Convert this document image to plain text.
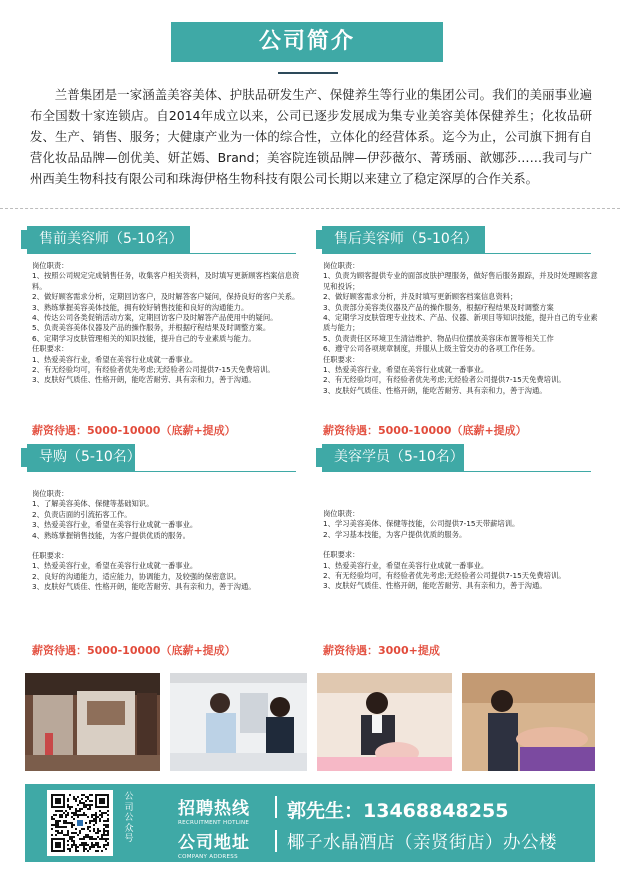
公司简介

兰普集团是一家涵盖美容美体、护肤品研发生产、保健养生等行业的集团公司。我们的美丽事业遍布全国数十家连锁店。自2014年成立以来，公司已逐步发展成为集专业美容美体保健养生；化妆品研发、生产、销售、服务；大健康产业为一体的综合性，立体化的经营体系。迄今为止，公司旗下拥有自营化妆品品牌—创优美、妍芷嫣、Brand；美容院连锁品牌—伊莎薇尔、菁琇丽、歆娜莎……我司与广州西美生物科技有限公司和珠海伊格生物科技有限公司长期以来建立了稳定深厚的合作关系。

售前美容师（5-10名）
岗位职责：
1、按照公司规定完成销售任务，收集客户相关资料，及时填写更新顾客档案信息资料。
2、做好顾客需求分析，定期回访客户，及时解答客户疑问，保持良好的客户关系。
3、熟练掌握美容美体技能，拥有较好销售技能和良好的沟通能力。
4、传达公司各类促销活动方案，定期回访客户及时解答产品使用中的疑问。
5、负责美容美体仪器及产品的操作服务，并根据疗程结果及时调整方案。
6、定期学习皮肤管理相关的知识技能，提升自己的专业素质与能力。
任职要求：
1、热爱美容行业，希望在美容行业成就一番事业。
2、有无经验均可，有经验者优先考虑;无经验者公司提供7-15天免费培训。
3、皮肤好气质佳、性格开朗，能吃苦耐劳、具有亲和力，善于沟通。
薪资待遇：5000-10000（底薪+提成）
售后美容师（5-10名）
岗位职责：
1、负责为顾客提供专业的面部皮肤护理服务，做好售后服务跟踪，并及时处理顾客意见和投诉；
2、做好顾客需求分析，并及时填写更新顾客档案信息资料；
3、负责部分美容类仪器及产品的操作服务，根据疗程结果及时调整方案
4、定期学习皮肤管理专业技术、产品、仪器、新项目等知识技能，提升自己的专业素质与能力；
5、负责责任区环境卫生清洁维护、物品归位摆放美容床布置等相关工作
6、遵守公司各项规章制度，并服从上级主管交办的各项工作任务。
任职要求：
1、热爱美容行业，希望在美容行业成就一番事业。
2、有无经验均可，有经验者优先考虑;无经验者公司提供7-15天免费培训。
3、皮肤好气质佳、性格开朗，能吃苦耐劳、具有亲和力，善于沟通。
薪资待遇：5000-10000（底薪+提成）
导购（5-10名）
岗位职责：
1、了解美容美体、保健等基础知识。
2、负责店面的引流拓客工作。
3、热爱美容行业，希望在美容行业成就一番事业。
4、熟练掌握销售技能，为客户提供优质的服务。
任职要求：
1、热爱美容行业，希望在美容行业成就一番事业。
2、良好的沟通能力，适应能力，协调能力，及较强的保密意识。
3、皮肤好气质佳、性格开朗，能吃苦耐劳、具有亲和力，善于沟通。
薪资待遇：5000-10000（底薪+提成）
美容学员（5-10名）
岗位职责：
1、学习美容美体、保健等技能，公司提供7-15天带薪培训。
2、学习基本技能，为客户提供优质的服务。
任职要求：
1、热爱美容行业，希望在美容行业成就一番事业。
2、有无经验均可，有经验者优先考虑;无经验者公司提供7-15天免费培训。
3、皮肤好气质佳、性格开朗，能吃苦耐劳、具有亲和力，善于沟通。
薪资待遇：3000+提成
公司公众号
招聘热线
RECRUITMENT HOTLINE
郭先生：13468848255
公司地址
COMPANY ADDRESS
椰子水晶酒店（亲贤街店）办公楼
